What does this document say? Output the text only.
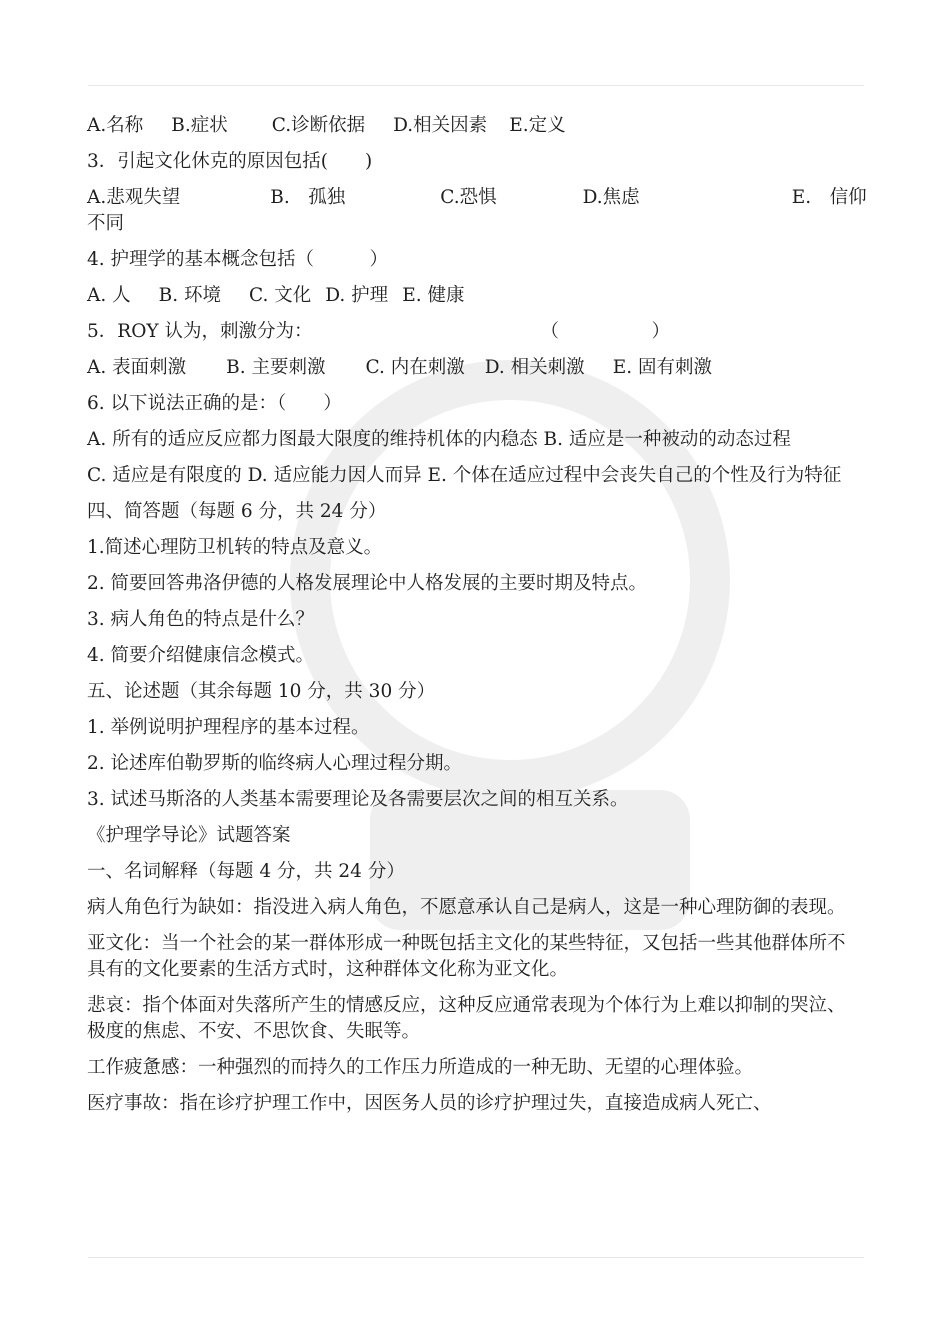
A.名称 B.症状 C.诊断依据 D.相关因素 E.定义
3．引起文化休克的原因包括(　　)
A.悲观失望	B.　孤独	C.恐惧	D.焦虑	E.　信仰
不同
4. 护理学的基本概念包括（　　　）
A. 人 B. 环境 C. 文化 D. 护理 E. 健康
5．ROY 认为，刺激分为：	（　　　　　）
A. 表面刺激 B. 主要刺激 C. 内在刺激 D. 相关刺激 E. 固有刺激
6. 以下说法正确的是：（　　）
A. 所有的适应反应都力图最大限度的维持机体的内稳态 B. 适应是一种被动的动态过程
C. 适应是有限度的 D. 适应能力因人而异 E. 个体在适应过程中会丧失自己的个性及行为特征
四、简答题（每题 6 分，共 24 分）
1.简述心理防卫机转的特点及意义。
2. 简要回答弗洛伊德的人格发展理论中人格发展的主要时期及特点。
3. 病人角色的特点是什么？
4. 简要介绍健康信念模式。
五、论述题（其余每题 10 分，共 30 分）
1. 举例说明护理程序的基本过程。
2. 论述库伯勒罗斯的临终病人心理过程分期。
3. 试述马斯洛的人类基本需要理论及各需要层次之间的相互关系。
《护理学导论》试题答案
一、名词解释（每题 4 分，共 24 分）
病人角色行为缺如：指没进入病人角色，不愿意承认自己是病人，这是一种心理防御的表现。
亚文化：当一个社会的某一群体形成一种既包括主文化的某些特征，又包括一些其他群体所不具有的文化要素的生活方式时，这种群体文化称为亚文化。
悲哀：指个体面对失落所产生的情感反应，这种反应通常表现为个体行为上难以抑制的哭泣、极度的焦虑、不安、不思饮食、失眠等。
工作疲惫感：一种强烈的而持久的工作压力所造成的一种无助、无望的心理体验。
医疗事故：指在诊疗护理工作中，因医务人员的诊疗护理过失，直接造成病人死亡、
